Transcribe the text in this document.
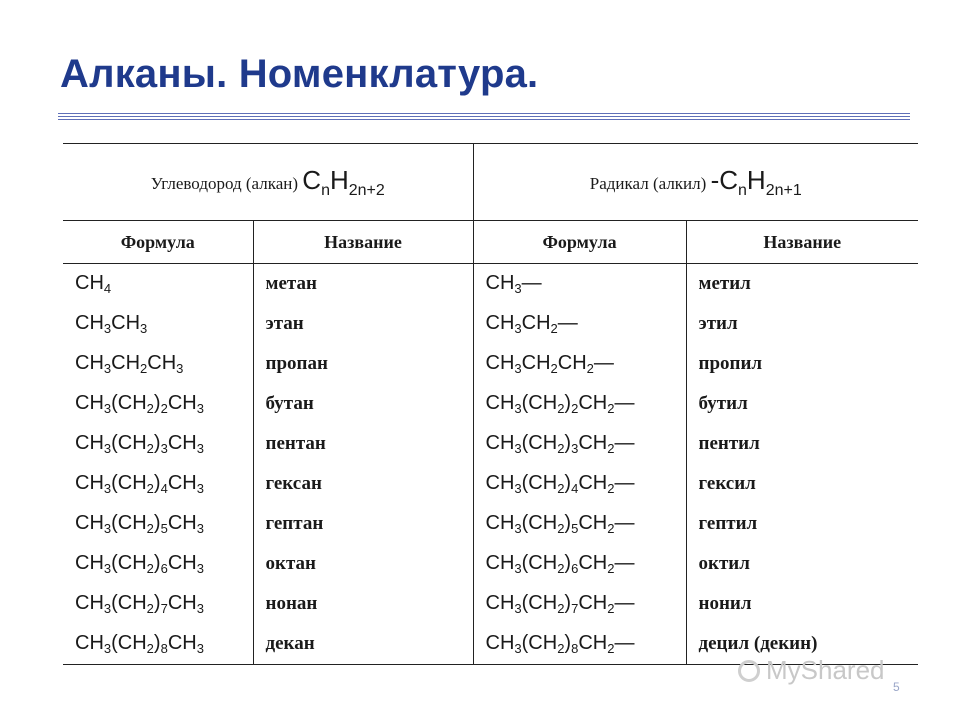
Алканы. Номенклатура.
Углеводород (алкан) $C_nH_{2n+2}$		Радикал (алкил) $-C_nH_{2n+1}$
Формула	Название	Формула	Название
$CH_4$	метан	$CH_3—$	метил
$CH_3CH_3$	этан	$CH_3CH_2—$	этил
$CH_3CH_2CH_3$	пропан	$CH_3CH_2CH_2—$	пропил
$CH_3(CH_2)_2CH_3$	бутан	$CH_3(CH_2)_2CH_2—$	бутил
$CH_3(CH_2)_3CH_3$	пентан	$CH_3(CH_2)_3CH_2—$	пентил
$CH_3(CH_2)_4CH_3$	гексан	$CH_3(CH_2)_4CH_2—$	гексил
$CH_3(CH_2)_5CH_3$	гептан	$CH_3(CH_2)_5CH_2—$	гептил
$CH_3(CH_2)_6CH_3$	октан	$CH_3(CH_2)_6CH_2—$	октил
$CH_3(CH_2)_7CH_3$	нонан	$CH_3(CH_2)_7CH_2—$	нонил
$CH_3(CH_2)_8CH_3$	декан	$CH_3(CH_2)_8CH_2—$	децил (декин)
MyShared
5
